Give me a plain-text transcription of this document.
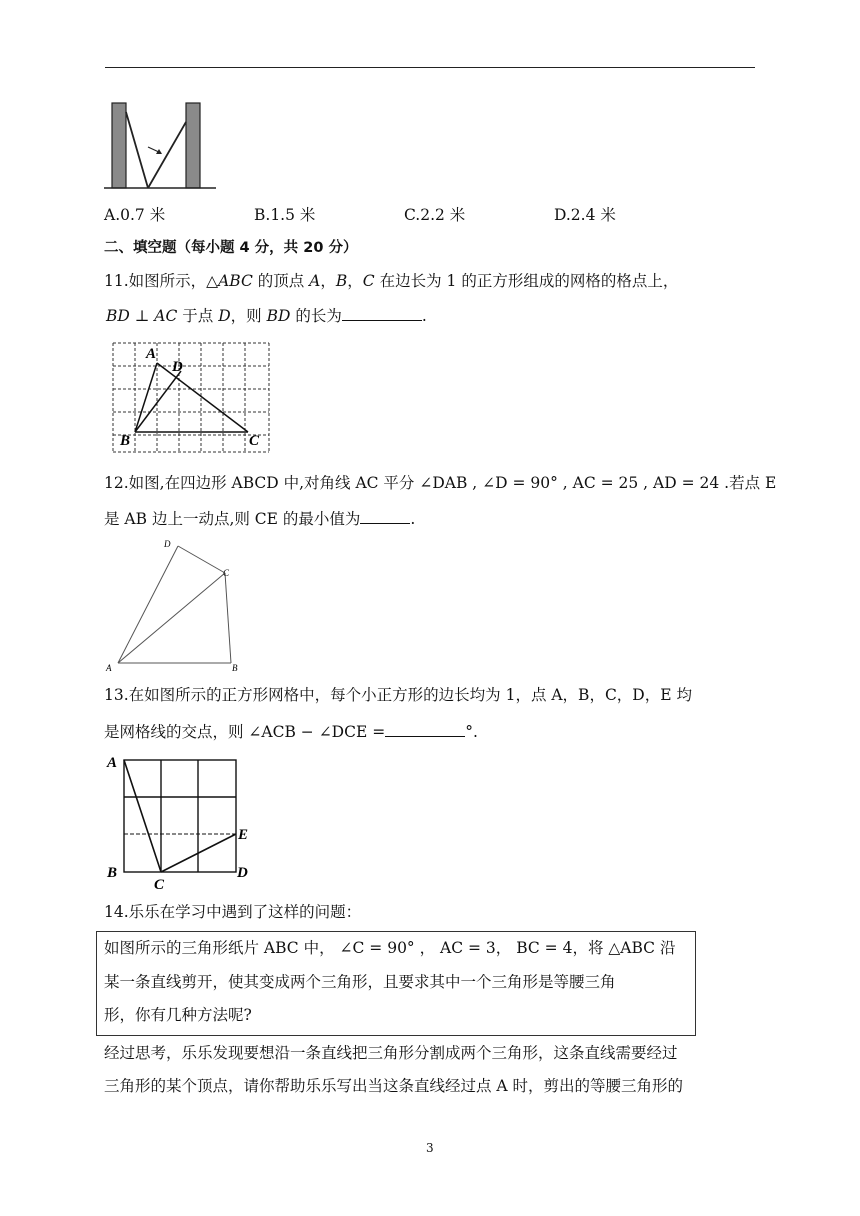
A.0.7 米	B.1.5 米	C.2.2 米	D.2.4 米
二、填空题（每小题 4 分，共 20 分）
11.如图所示，△ABC 的顶点 A，B，C 在边长为 1 的正方形组成的网格的格点上，
BD ⊥ AC 于点 D，则 BD 的长为	.
A
D
B	C
12.如图,在四边形 ABCD 中,对角线 AC 平分 ∠DAB , ∠D = 90° , AC = 25 , AD = 24 .若点 E
是 AB 边上一动点,则 CE 的最小值为	.
D
C
A	B
13.在如图所示的正方形网格中，每个小正方形的边长均为 1，点 A，B，C，D，E 均
是网格线的交点，则 ∠ACB − ∠DCE =	°.
A
B
C
D
E
14.乐乐在学习中遇到了这样的问题：
如图所示的三角形纸片 ABC 中， ∠C = 90° ， AC = 3， BC = 4，将 △ABC 沿
某一条直线剪开，使其变成两个三角形，且要求其中一个三角形是等腰三角
形，你有几种方法呢?
经过思考，乐乐发现要想沿一条直线把三角形分割成两个三角形，这条直线需要经过
三角形的某个顶点，请你帮助乐乐写出当这条直线经过点 A 时，剪出的等腰三角形的
3
